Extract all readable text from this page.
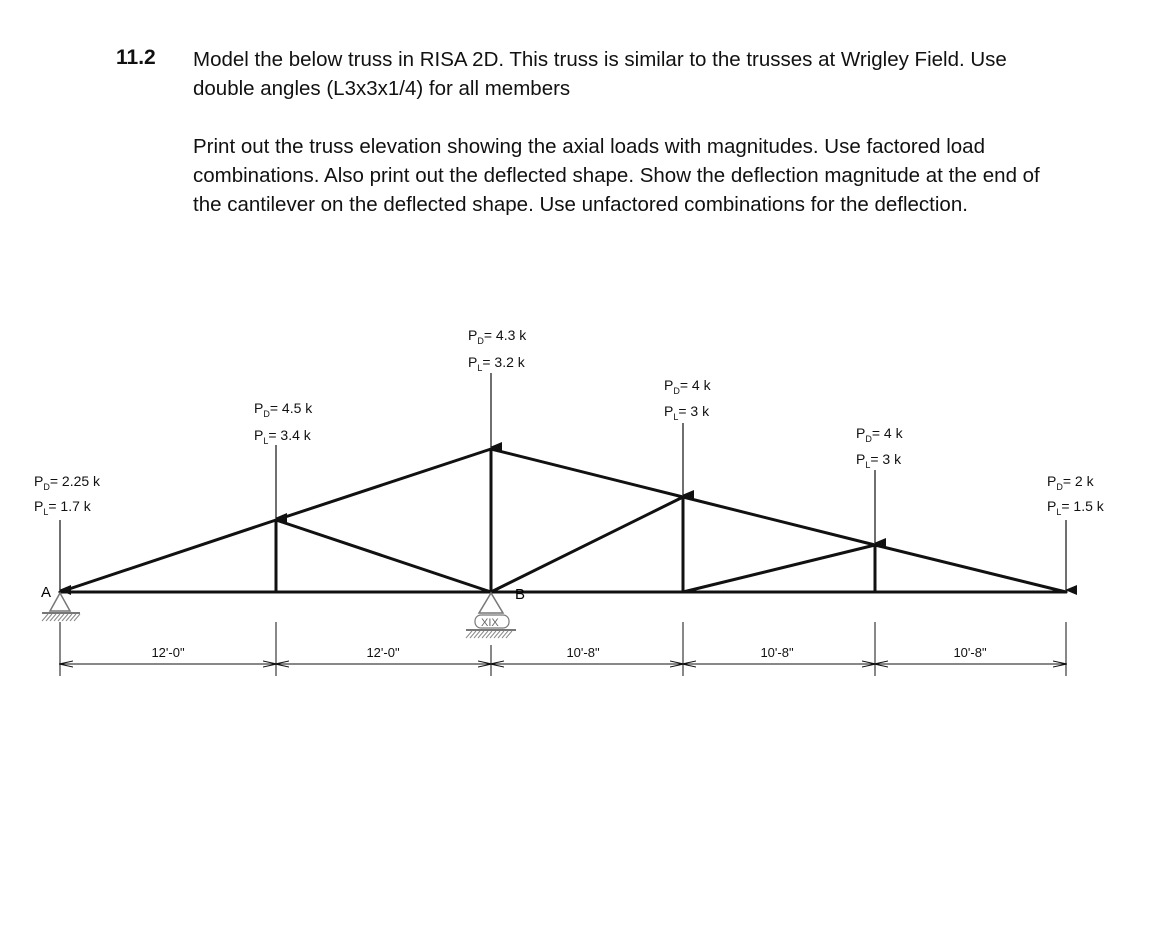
11.2 Model the below truss in RISA 2D. This truss is similar to the trusses at Wrigley Field. Use double angles (L3x3x1/4) for all members

Print out the truss elevation showing the axial loads with magnitudes. Use factored load combinations. Also print out the deflected shape. Show the deflection magnitude at the end of the cantilever on the deflected shape. Use unfactored combinations for the deflection.

A
XIX
B
$P_D= 2.25$ k
$P_L= 1.7$ k
$P_D= 4.5$ k
$P_L= 3.4$ k
$P_D= 4.3$ k
$P_L= 3.2$ k
$P_D= 4$ k
$P_L= 3$ k
$P_D= 4$ k
$P_L= 3$ k
$P_D= 2$ k
$P_L= 1.5$ k
12'-0"	12'-0"	10'-8"	10'-8"	10'-8"
